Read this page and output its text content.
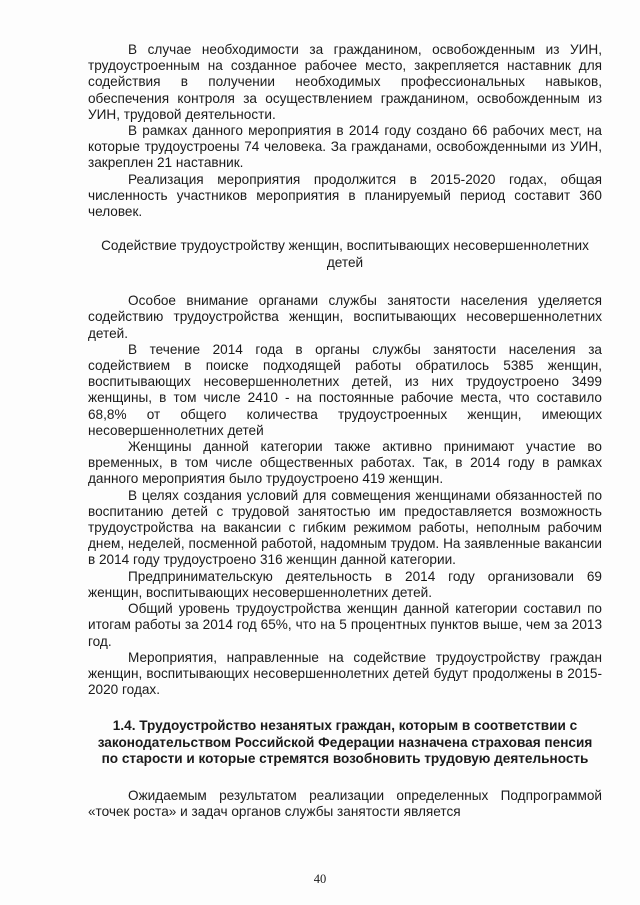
В случае необходимости за гражданином, освобожденным из УИН, трудоустроенным на созданное рабочее место, закрепляется наставник для содействия в получении необходимых профессиональных навыков, обеспечения контроля за осуществлением гражданином, освобожденным из УИН, трудовой деятельности.

В рамках данного мероприятия в 2014 году создано 66 рабочих мест, на которые трудоустроены 74 человека. За гражданами, освобожденными из УИН, закреплен 21 наставник.

Реализация мероприятия продолжится в 2015-2020 годах, общая численность участников мероприятия в планируемый период составит 360 человек.

Содействие трудоустройству женщин, воспитывающих несовершеннолетних детей

Особое внимание органами службы занятости населения уделяется содействию трудоустройства женщин, воспитывающих несовершеннолетних детей.

В течение 2014 года в органы службы занятости населения за содействием в поиске подходящей работы обратилось 5385 женщин, воспитывающих несовершеннолетних детей, из них трудоустроено 3499 женщины, в том числе 2410 - на постоянные рабочие места, что составило 68,8% от общего количества трудоустроенных женщин, имеющих несовершеннолетних детей

Женщины данной категории также активно принимают участие во временных, в том числе общественных работах. Так, в 2014 году в рамках данного мероприятия было трудоустроено 419 женщин.

В целях создания условий для совмещения женщинами обязанностей по воспитанию детей с трудовой занятостью им предоставляется возможность трудоустройства на вакансии с гибким режимом работы, неполным рабочим днем, неделей, посменной работой, надомным трудом. На заявленные вакансии в 2014 году трудоустроено 316 женщин данной категории.

Предпринимательскую деятельность в 2014 году организовали 69 женщин, воспитывающих несовершеннолетних детей.

Общий уровень трудоустройства женщин данной категории составил по итогам работы за 2014 год 65%, что на 5 процентных пунктов выше, чем за 2013 год.

Мероприятия, направленные на содействие трудоустройству граждан женщин, воспитывающих несовершеннолетних детей будут продолжены в 2015-2020 годах.

1.4. Трудоустройство незанятых граждан, которым в соответствии с законодательством Российской Федерации назначена страховая пенсия по старости и которые стремятся возобновить трудовую деятельность

Ожидаемым результатом реализации определенных Подпрограммой «точек роста» и задач органов службы занятости является

40
